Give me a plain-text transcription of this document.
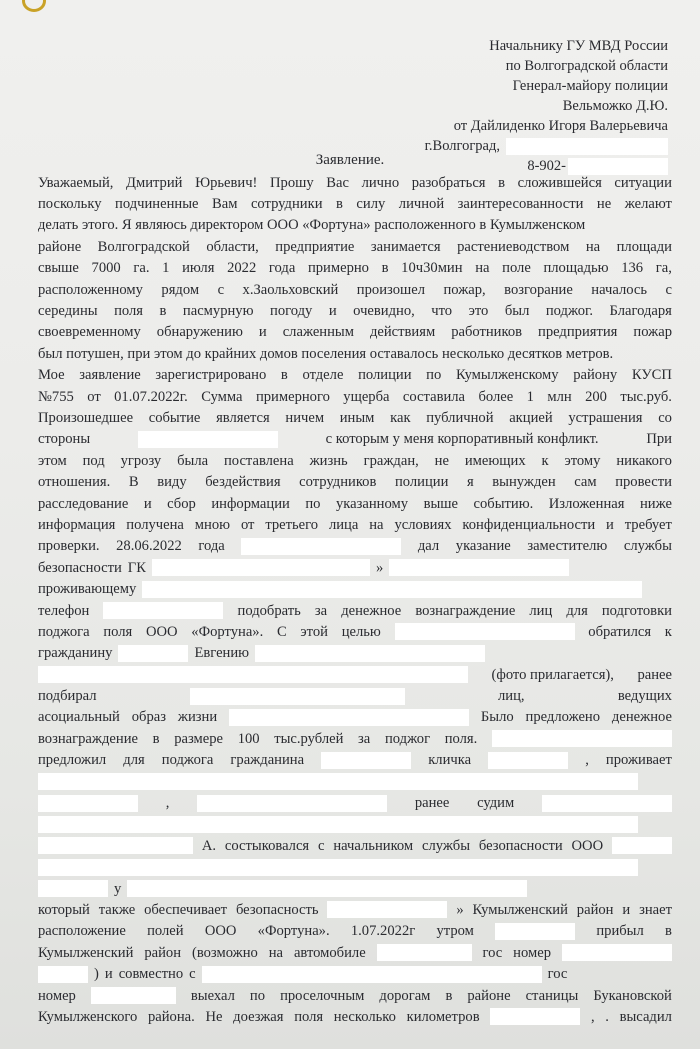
Начальнику ГУ МВД России
по Волгоградской области
Генерал-майору полиции
Вельможко Д.Ю.
от Дайлиденко Игоря Валерьевича
г.Волгоград,
8-902-
Заявление.
Уважаемый, Дмитрий Юрьевич! Прошу Вас лично разобраться в сложившейся ситуации
поскольку подчиненные Вам сотрудники в силу личной заинтересованности не желают
делать этого. Я являюсь директором ООО «Фортуна» расположенного в Кумылженском
районе Волгоградской области, предприятие занимается растениеводством на площади
свыше 7000 га. 1 июля 2022 года примерно в 10ч30мин на поле площадью 136 га,
расположенному рядом с х.Заольховский произошел пожар, возгорание началось с
середины поля в пасмурную погоду и очевидно, что это был поджог. Благодаря
своевременному обнаружению и слаженным действиям работников предприятия пожар
был потушен, при этом до крайних домов поселения оставалось несколько десятков метров.
Мое заявление зарегистрировано в отделе полиции по Кумылженскому району КУСП
№755 от 01.07.2022г. Сумма примерного ущерба составила более 1 млн 200 тыс.руб.
Произошедшее событие является ничем иным как публичной акцией устрашения со
стороны	с которым у меня корпоративный конфликт.	При
этом под угрозу была поставлена жизнь граждан, не имеющих к этому никакого
отношения. В виду бездействия сотрудников полиции я вынужден сам провести
расследование и сбор информации по указанному выше событию. Изложенная ниже
информация получена мною от третьего лица на условиях конфиденциальности и требует
проверки. 28.06.2022 года	дал указание заместителю службы
безопасности ГК	»
проживающему
телефон	подобрать за денежное вознаграждение лиц для подготовки
поджога поля ООО «Фортуна». С этой целью	обратился к
гражданину	Евгению
(фото прилагается), ранее
подбирал	лиц,	ведущих
асоциальный образ жизни	Было предложено денежное
вознаграждение в размере 100 тыс.рублей за поджог поля.
предложил для поджога гражданина	кличка	, проживает
,	ранее судим
А. состыковался с начальником службы безопасности ООО
у
который также обеспечивает безопасность	» Кумылженский район и знает
расположение полей ООО «Фортуна». 1.07.2022г утром	прибыл в
Кумылженский район (возможно на автомобиле	гос номер
) и совместно с	гос
номер	выехал по проселочным дорогам в районе станицы Букановской
Кумылженского района. Не доезжая поля несколько километров	, . высадил
